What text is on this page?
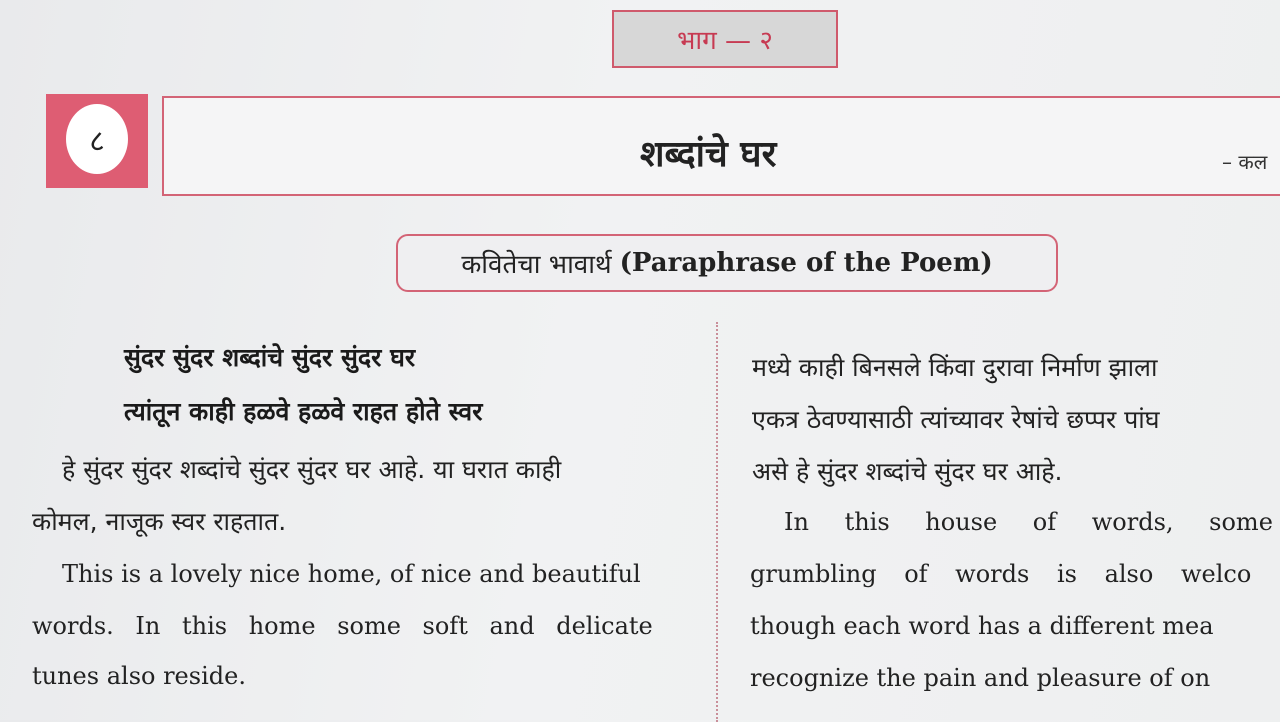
भाग — २
८	शब्दांचे घर	– कल
कवितेचा भावार्थ (Paraphrase of the Poem)
सुंदर सुंदर शब्दांचे सुंदर सुंदर घर
त्यांतून काही हळवे हळवे राहत होते स्वर
हे सुंदर सुंदर शब्दांचे सुंदर सुंदर घर आहे. या घरात काही
कोमल, नाजूक स्वर राहतात.
This is a lovely nice home, of nice and beautiful
words. In this home some soft and delicate
tunes also reside.
मध्ये काही बिनसले किंवा दुरावा निर्माण झाला
एकत्र ठेवण्यासाठी त्यांच्यावर रेषांचे छप्पर पांघ
असे हे सुंदर शब्दांचे सुंदर घर आहे.
In this house of words, some
grumbling of words is also welco
though each word has a different mea
recognize the pain and pleasure of on
